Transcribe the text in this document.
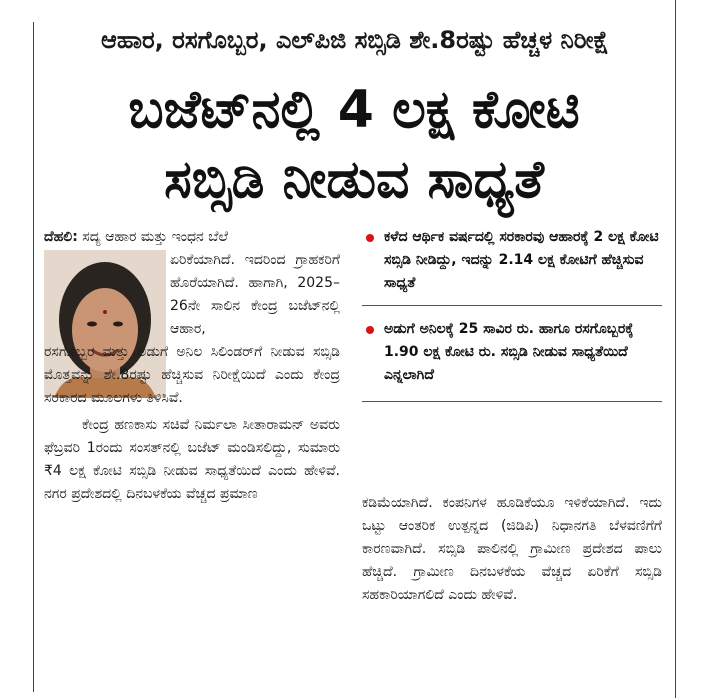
ಆಹಾರ, ರಸಗೊಬ್ಬರ, ಎಲ್‌ಪಿಜಿ ಸಬ್ಸಿಡಿ ಶೇ.8ರಷ್ಟು ಹೆಚ್ಚಳ ನಿರೀಕ್ಷೆ
ಬಜೆಟ್‌ನಲ್ಲಿ 4 ಲಕ್ಷ ಕೋಟಿ
ಸಬ್ಸಿಡಿ ನೀಡುವ ಸಾಧ್ಯತೆ

ದೆಹಲಿ: ಸದ್ಯ ಆಹಾರ ಮತ್ತು ಇಂಧನ ಬೆಲೆ

ಏರಿಕೆಯಾಗಿದೆ. ಇದರಿಂದ ಗ್ರಾಹಕರಿಗೆ ಹೊರೆಯಾಗಿದೆ. ಹಾಗಾಗಿ, 2025–26ನೇ ಸಾಲಿನ ಕೇಂದ್ರ ಬಜೆಟ್‌ನಲ್ಲಿ ಆಹಾರ,

ರಸಗೊಬ್ಬರ ಮತ್ತು ಅಡುಗೆ ಅನಿಲ ಸಿಲಿಂಡರ್‌ಗೆ ನೀಡುವ ಸಬ್ಸಿಡಿ ಮೊತ್ತವನ್ನು ಶೇ.8ರಷ್ಟು ಹೆಚ್ಚಿಸುವ ನಿರೀಕ್ಷೆಯಿದೆ ಎಂದು ಕೇಂದ್ರ ಸರಕಾರದ ಮೂಲಗಳು ತಿಳಿಸಿವೆ.

ಕೇಂದ್ರ ಹಣಕಾಸು ಸಚಿವೆ ನಿರ್ಮಲಾ ಸೀತಾರಾಮನ್ ಅವರು ಫೆಬ್ರವರಿ 1ರಂದು ಸಂಸತ್‌ನಲ್ಲಿ ಬಜೆಟ್ ಮಂಡಿಸಲಿದ್ದು, ಸುಮಾರು ₹4 ಲಕ್ಷ ಕೋಟಿ ಸಬ್ಸಿಡಿ ನೀಡುವ ಸಾಧ್ಯತೆಯಿದೆ ಎಂದು ಹೇಳಿವೆ. ನಗರ ಪ್ರದೇಶದಲ್ಲಿ ದಿನಬಳಕೆಯ ವೆಚ್ಚದ ಪ್ರಮಾಣ

ಕಳೆದ ಆರ್ಥಿಕ ವರ್ಷದಲ್ಲಿ ಸರಕಾರವು ಆಹಾರಕ್ಕೆ 2 ಲಕ್ಷ ಕೋಟಿ ಸಬ್ಸಿಡಿ ನೀಡಿದ್ದು, ಇದನ್ನು 2.14 ಲಕ್ಷ ಕೋಟಿಗೆ ಹೆಚ್ಚಿಸುವ ಸಾಧ್ಯತೆ
ಅಡುಗೆ ಅನಿಲಕ್ಕೆ 25 ಸಾವಿರ ರು. ಹಾಗೂ ರಸಗೊಬ್ಬರಕ್ಕೆ 1.90 ಲಕ್ಷ ಕೋಟಿ ರು. ಸಬ್ಸಿಡಿ ನೀಡುವ ಸಾಧ್ಯತೆಯಿದೆ ಎನ್ನಲಾಗಿದೆ

ಕಡಿಮೆಯಾಗಿದೆ. ಕಂಪನಿಗಳ ಹೂಡಿಕೆಯೂ ಇಳಿಕೆಯಾಗಿದೆ. ಇದು ಒಟ್ಟು ಆಂತರಿಕ ಉತ್ಪನ್ನದ (ಜಿಡಿಪಿ) ನಿಧಾನಗತಿ ಬೆಳವಣಿಗೆಗೆ ಕಾರಣವಾಗಿದೆ. ಸಬ್ಸಿಡಿ ಪಾಲಿನಲ್ಲಿ ಗ್ರಾಮೀಣ ಪ್ರದೇಶದ ಪಾಲು ಹೆಚ್ಚಿದೆ. ಗ್ರಾಮೀಣ ದಿನಬಳಕೆಯ ವೆಚ್ಚದ ಏರಿಕೆಗೆ ಸಬ್ಸಿಡಿ ಸಹಕಾರಿಯಾಗಲಿದೆ ಎಂದು ಹೇಳಿವೆ.
